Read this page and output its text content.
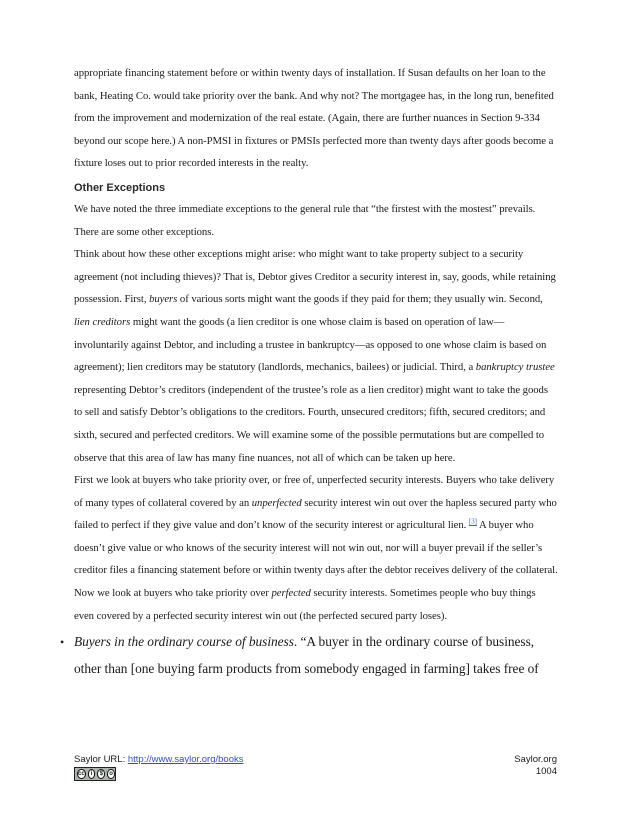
appropriate financing statement before or within twenty days of installation. If Susan defaults on her loan to the bank, Heating Co. would take priority over the bank. And why not? The mortgagee has, in the long run, benefited from the improvement and modernization of the real estate. (Again, there are further nuances in Section 9-334 beyond our scope here.) A non-PMSI in fixtures or PMSIs perfected more than twenty days after goods become a fixture loses out to prior recorded interests in the realty.

Other Exceptions

We have noted the three immediate exceptions to the general rule that “the firstest with the mostest” prevails. There are some other exceptions.

Think about how these other exceptions might arise: who might want to take property subject to a security agreement (not including thieves)? That is, Debtor gives Creditor a security interest in, say, goods, while retaining possession. First, buyers of various sorts might want the goods if they paid for them; they usually win. Second, lien creditors might want the goods (a lien creditor is one whose claim is based on operation of law—involuntarily against Debtor, and including a trustee in bankruptcy—as opposed to one whose claim is based on agreement); lien creditors may be statutory (landlords, mechanics, bailees) or judicial. Third, a bankruptcy trustee representing Debtor’s creditors (independent of the trustee’s role as a lien creditor) might want to take the goods to sell and satisfy Debtor’s obligations to the creditors. Fourth, unsecured creditors; fifth, secured creditors; and sixth, secured and perfected creditors. We will examine some of the possible permutations but are compelled to observe that this area of law has many fine nuances, not all of which can be taken up here.

First we look at buyers who take priority over, or free of, unperfected security interests. Buyers who take delivery of many types of collateral covered by an unperfected security interest win out over the hapless secured party who failed to perfect if they give value and don’t know of the security interest or agricultural lien. [3] A buyer who doesn’t give value or who knows of the security interest will not win out, nor will a buyer prevail if the seller’s creditor files a financing statement before or within twenty days after the debtor receives delivery of the collateral.

Now we look at buyers who take priority over perfected security interests. Sometimes people who buy things even covered by a perfected security interest win out (the perfected secured party loses).

• Buyers in the ordinary course of business. “A buyer in the ordinary course of business, other than [one buying farm products from somebody engaged in farming] takes free of

Saylor URL: http://www.saylor.org/books
cc	i	$	o
Saylor.org
1004
